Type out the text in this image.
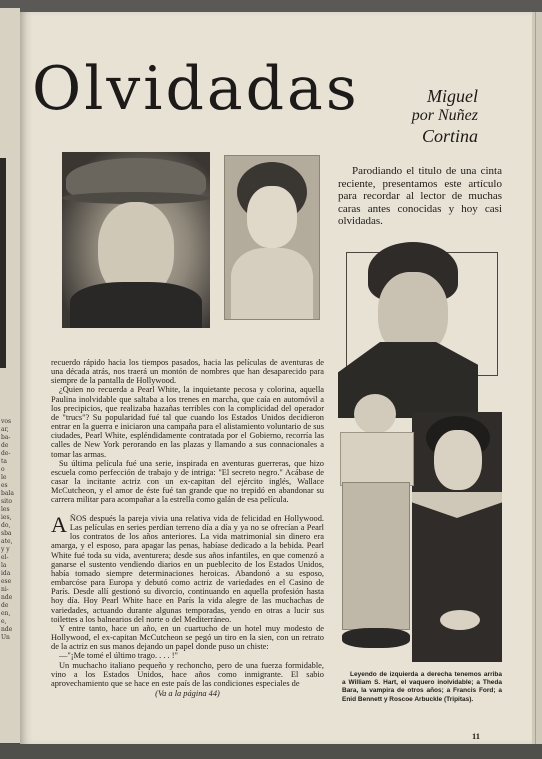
vos
ar,
ba-
de
de-
ta
o
le
es
bala
sito
les
ies,
do,
sba
ate,
y y
el-
la
ida
ese
ni-
nde
de
en,
e,
nde
Un
Olvidadas	Miguel
por Nuñez
Cortina

Parodiando el titulo de una cinta reciente, presentamos este artículo para recordar al lector de muchas caras antes conocidas y hoy casi olvidadas.

recuerdo rápido hacia los tiempos pasados, hacia las películas de aventuras de una década atrás, nos traerá un montón de nombres que han desaparecido para siempre de la pantalla de Hollywood.

¿Quien no recuerda a Pearl White, la inquietante pecosa y colorina, aquella Paulina inolvidable que saltaba a los trenes en marcha, que caía en automóvil a los precipicios, que realizaba hazañas terribles con la complicidad del operador de "trucs"? Su popularidad fué tal que cuando los Estados Unidos decidieron entrar en la guerra e iniciaron una campaña para el alistamiento voluntario de sus ciudades, Pearl White, espléndidamente contratada por el Gobierno, recorría las calles de New York perorando en las plazas y llamando a sus connacionales a tomar las armas.

Su última película fué una serie, inspirada en aventuras guerreras, que hizo escuela como perfección de trabajo y de intriga: "El secreto negro." Acábase de casar la incitante actriz con un ex-capitan del ejército inglés, Wallace McCutcheon, y el amor de éste fué tan grande que no trepidó en abandonar su carrera militar para acompañar a la estrella como galán de esa película.

AÑOS después la pareja vivia una relativa vida de felicidad en Hollywood. Las películas en series perdían terreno día a día y ya no se ofrecían a Pearl los contratos de los años anteriores. La vida matrimonial sin dinero era amarga, y el esposo, para apagar las penas, habíase dedicado a la bebida. Pearl White fué toda su vida, aventurera; desde sus años infantiles, en que comenzó a ganarse el sustento vendiendo diarios en un pueblecito de los Estados Unidos, había tomado siempre determinaciones heroicas. Abandonó a su esposo, embarcóse para Europa y debutó como actriz de variedades en el Casino de París. Desde allí gestionó su divorcio, continuando en aquella profesión hasta hoy día. Hoy Pearl White hace en París la vida alegre de las muchachas de variedades, actuando durante algunas temporadas, yendo en otras a lucir sus toilettes a los balnearios del norte o del Mediterráneo.

Y entre tanto, hace un año, en un cuartucho de un hotel muy modesto de Hollywood, el ex-capitan McCutcheon se pegó un tiro en la sien, con un retrato de la actriz en sus manos dejando un papel donde puso un chiste:

—"¡Me tomé el último trago. . . . !"

Un muchacho italiano pequeño y rechoncho, pero de una fuerza formidable, vino a los Estados Unidos, hace años como inmigrante. El sabio aprovechamiento que se hace en este país de las condiciones especiales de

(Va a la página 44)
Leyendo de izquierda a derecha tenemos arriba a William S. Hart, el vaquero inolvidable; a Theda Bara, la vampira de otros años; a Francis Ford; a Enid Bennett y Roscoe Arbuckle (Tripitas).
11
